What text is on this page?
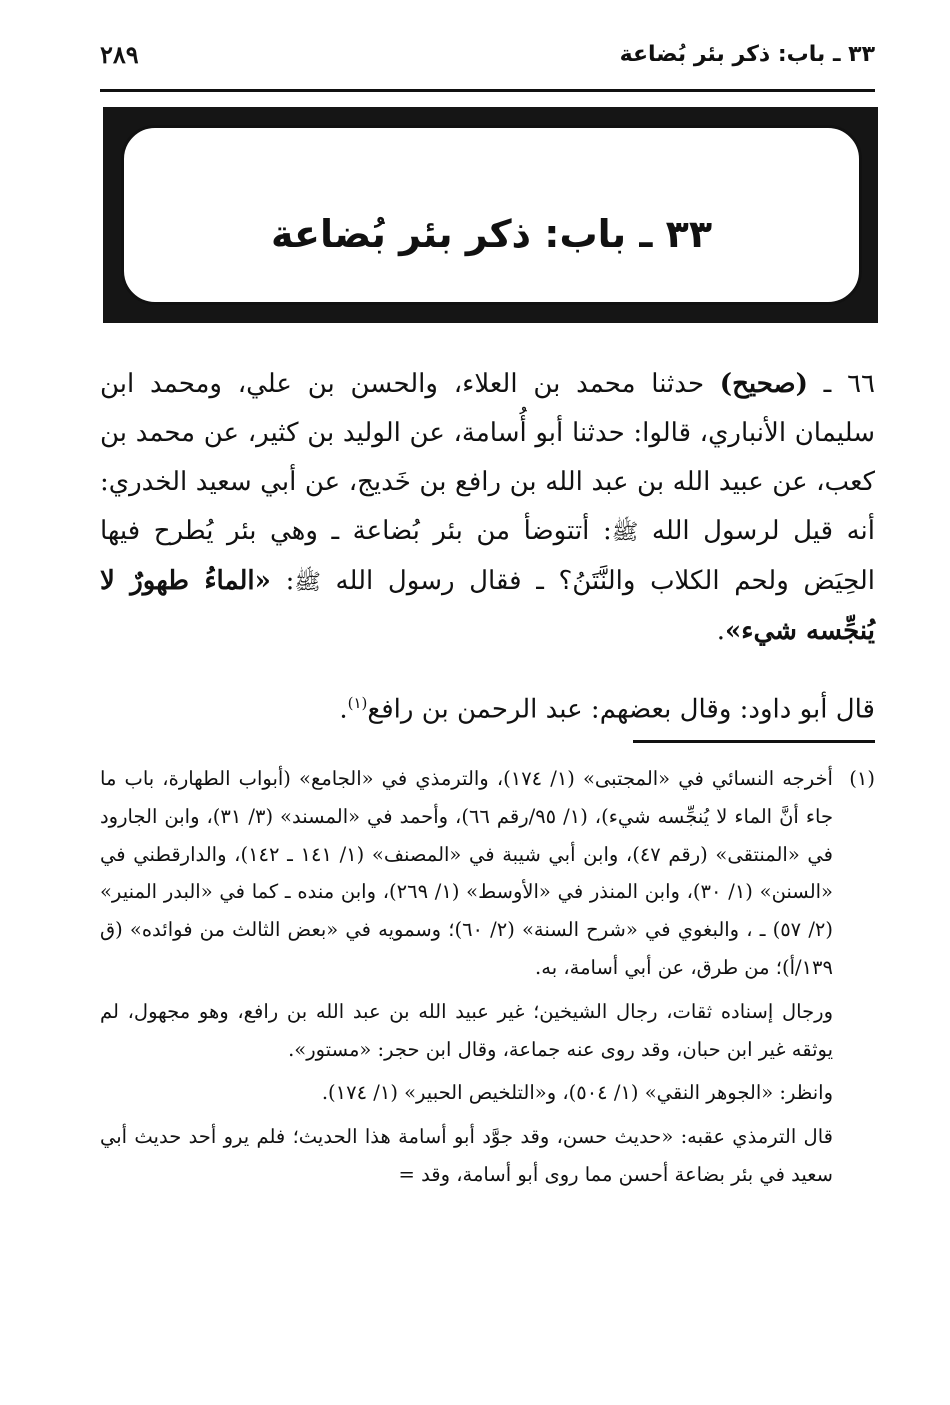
٢٨٩	٣٣ ـ باب: ذكر بئر بُضاعة
٣٣ ـ باب: ذكر بئر بُضاعة
٦٦ ـ (صحيح) حدثنا محمد بن العلاء، والحسن بن علي، ومحمد ابن سليمان الأنباري، قالوا: حدثنا أبو أُسامة، عن الوليد بن كثير، عن محمد بن كعب، عن عبيد الله بن عبد الله بن رافع بن خَديج، عن أبي سعيد الخدري: أنه قيل لرسول الله ﷺ: أتتوضأ من بئر بُضاعة ـ وهي بئر يُطرح فيها الحِيَض ولحم الكلاب والنَّتَنُ؟ ـ فقال رسول الله ﷺ: «الماءُ طهورٌ لا يُنجِّسه شيء».
قال أبو داود: وقال بعضهم: عبد الرحمن بن رافع$^{(١)}$.
(١)

أخرجه النسائي في «المجتبى» (١/ ١٧٤)، والترمذي في «الجامع» (أبواب الطهارة، باب ما جاء أنَّ الماء لا يُنجِّسه شيء)، (١/ ٩٥/رقم ٦٦)، وأحمد في «المسند» (٣/ ٣١)، وابن الجارود في «المنتقى» (رقم ٤٧)، وابن أبي شيبة في «المصنف» (١/ ١٤١ ـ ١٤٢)، والدارقطني في «السنن» (١/ ٣٠)، وابن المنذر في «الأوسط» (١/ ٢٦٩)، وابن منده ـ كما في «البدر المنير» (٢/ ٥٧) ـ ، والبغوي في «شرح السنة» (٢/ ٦٠)؛ وسمويه في «بعض الثالث من فوائده» (ق ١٣٩/أ)؛ من طرق، عن أبي أسامة، به.

ورجال إسناده ثقات، رجال الشيخين؛ غير عبيد الله بن عبد الله بن رافع، وهو مجهول، لم يوثقه غير ابن حبان، وقد روى عنه جماعة، وقال ابن حجر: «مستور».

وانظر: «الجوهر النقي» (١/ ٥٠٤)، و«التلخيص الحبير» (١/ ١٧٤).

قال الترمذي عقبه: «حديث حسن، وقد جوَّد أبو أسامة هذا الحديث؛ فلم يرو أحد حديث أبي سعيد في بئر بضاعة أحسن مما روى أبو أسامة، وقد =
